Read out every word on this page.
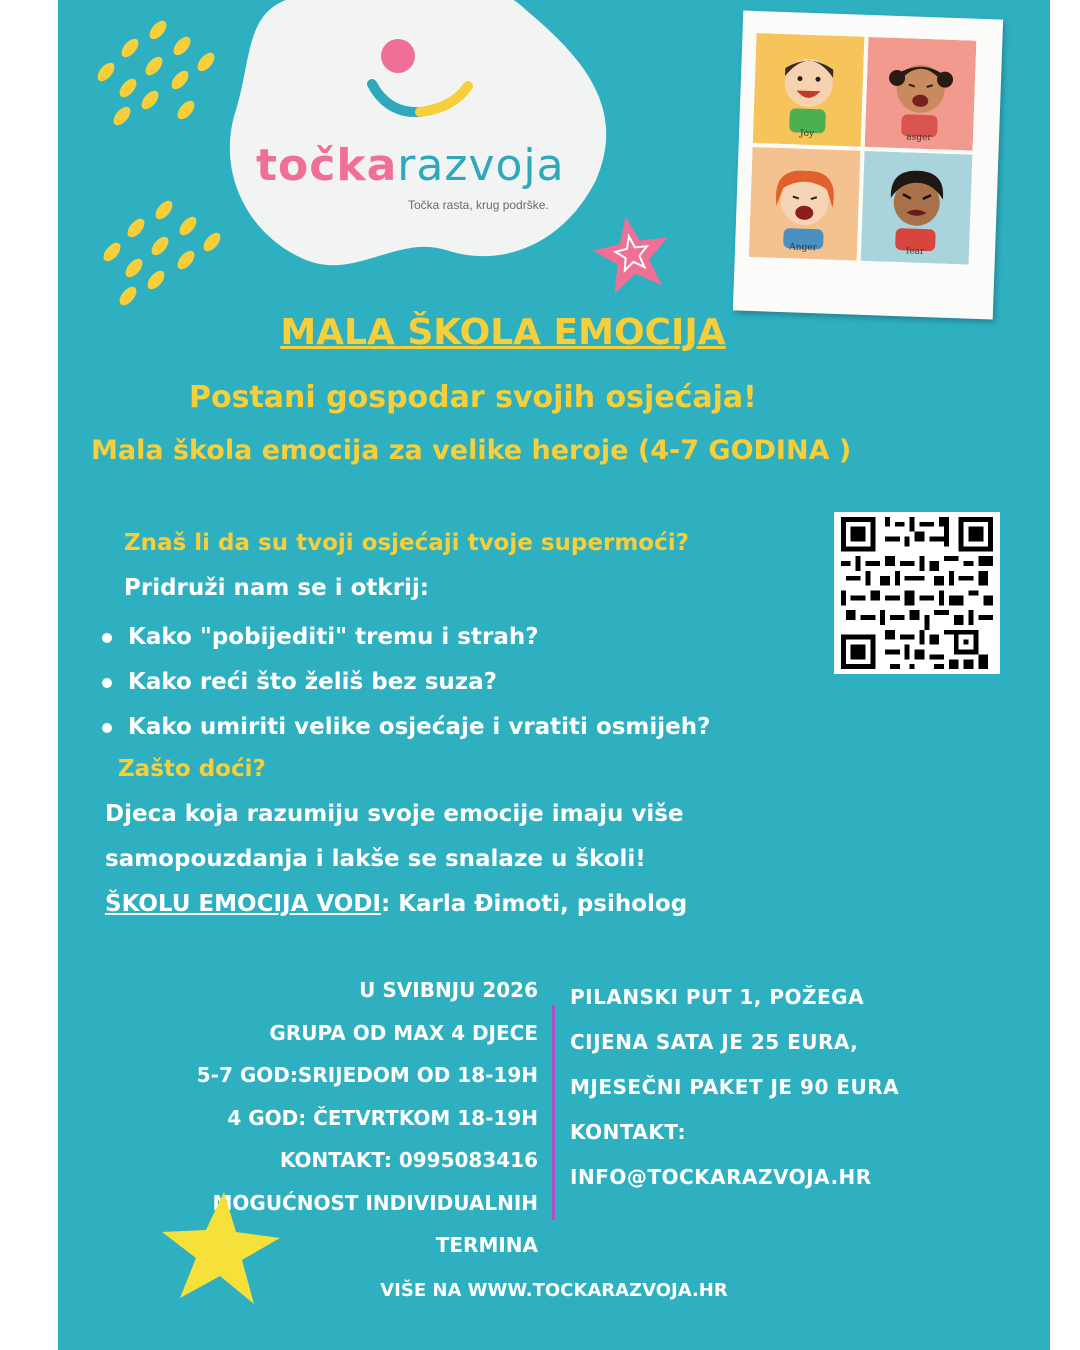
točkarazvoja
Točka rasta, krug podrške.
Joy	asger
Anger	fear
MALA ŠKOLA EMOCIJA
Postani gospodar svojih osjećaja!
Mala škola emocija za velike heroje (4-7 GODINA )
Znaš li da su tvoji osjećaji tvoje supermoći?
Pridruži nam se i otkrij:
Kako "pobijediti" tremu i strah?
Kako reći što želiš bez suza?
Kako umiriti velike osjećaje i vratiti osmijeh?
Zašto doći?
Djeca koja razumiju svoje emocije imaju više
samopouzdanja i lakše se snalaze u školi!
ŠKOLU EMOCIJA VODI: Karla Đimoti, psiholog
U SVIBNJU 2026
GRUPA OD MAX 4 DJECE
5-7 GOD:SRIJEDOM OD 18-19H
4 GOD: ČETVRTKOM 18-19H
KONTAKT: 0995083416
MOGUĆNOST INDIVIDUALNIH
TERMINA
PILANSKI PUT 1, POŽEGA
CIJENA SATA JE 25 EURA,
MJESEČNI PAKET JE 90 EURA
KONTAKT:
INFO@TOCKARAZVOJA.HR
VIŠE NA WWW.TOCKARAZVOJA.HR
